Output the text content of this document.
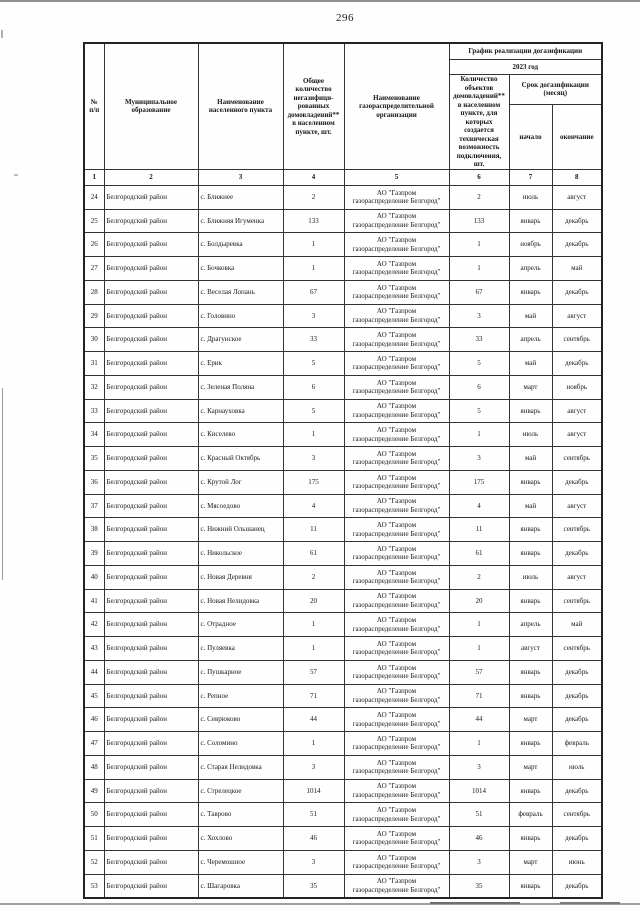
296
№ п/п	Муниципальное образование	Наименование населенного пункта	Общее количество негазифици-рованных домовладений** в населенном пункте, шт.	Наименование газораспределительной организации	График реализации догазификации		
					2023 год		
					Количество объектов домовладений** в населенном пункте, для которых создается техническая возможность подключения, шт.	Срок догазификации (месяц)	
						начало	окончание
1	2	3	4	5	6	7	8
24	Белгородский район	с. Ближнее	2	АО "Газпром
газораспределение Белгород"	2	июль	август
25	Белгородский район	с. Ближняя Игуменка	133	АО "Газпром
газораспределение Белгород"	133	январь	декабрь
26	Белгородский район	с. Болдыревка	1	АО "Газпром
газораспределение Белгород"	1	ноябрь	декабрь
27	Белгородский район	с. Бочковка	1	АО "Газпром
газораспределение Белгород"	1	апрель	май
28	Белгородский район	с. Веселая Лопань	67	АО "Газпром
газораспределение Белгород"	67	январь	декабрь
29	Белгородский район	с. Головино	3	АО "Газпром
газораспределение Белгород"	3	май	август
30	Белгородский район	с. Драгунское	33	АО "Газпром
газораспределение Белгород"	33	апрель	сентябрь
31	Белгородский район	с. Ерик	5	АО "Газпром
газораспределение Белгород"	5	май	декабрь
32	Белгородский район	с. Зеленая Поляна	6	АО "Газпром
газораспределение Белгород"	6	март	ноябрь
33	Белгородский район	с. Карнауховка	5	АО "Газпром
газораспределение Белгород"	5	январь	август
34	Белгородский район	с. Киселево	1	АО "Газпром
газораспределение Белгород"	1	июль	август
35	Белгородский район	с. Красный Октябрь	3	АО "Газпром
газораспределение Белгород"	3	май	сентябрь
36	Белгородский район	с. Крутой Лог	175	АО "Газпром
газораспределение Белгород"	175	январь	декабрь
37	Белгородский район	с. Мясоедово	4	АО "Газпром
газораспределение Белгород"	4	май	август
38	Белгородский район	с. Нижний Ольшанец	11	АО "Газпром
газораспределение Белгород"	11	январь	сентябрь
39	Белгородский район	с. Никольское	61	АО "Газпром
газораспределение Белгород"	61	январь	декабрь
40	Белгородский район	с. Новая Деревня	2	АО "Газпром
газораспределение Белгород"	2	июль	август
41	Белгородский район	с. Новая Нелидовка	20	АО "Газпром
газораспределение Белгород"	20	январь	сентябрь
42	Белгородский район	с. Отрадное	1	АО "Газпром
газораспределение Белгород"	1	апрель	май
43	Белгородский район	с. Пуляевка	1	АО "Газпром
газораспределение Белгород"	1	август	сентябрь
44	Белгородский район	с. Пушкарное	57	АО "Газпром
газораспределение Белгород"	57	январь	декабрь
45	Белгородский район	с. Репное	71	АО "Газпром
газораспределение Белгород"	71	январь	декабрь
46	Белгородский район	с. Севрюково	44	АО "Газпром
газораспределение Белгород"	44	март	декабрь
47	Белгородский район	с. Соломино	1	АО "Газпром
газораспределение Белгород"	1	январь	февраль
48	Белгородский район	с. Старая Нелидовка	3	АО "Газпром
газораспределение Белгород"	3	март	июль
49	Белгородский район	с. Стрелецкое	1014	АО "Газпром
газораспределение Белгород"	1014	январь	декабрь
50	Белгородский район	с. Таврово	51	АО "Газпром
газораспределение Белгород"	51	февраль	сентябрь
51	Белгородский район	с. Хохлово	46	АО "Газпром
газораспределение Белгород"	46	январь	декабрь
52	Белгородский район	с. Черемошное	3	АО "Газпром
газораспределение Белгород"	3	март	июнь
53	Белгородский район	с. Шагаровка	35	АО "Газпром
газораспределение Белгород"	35	январь	декабрь
